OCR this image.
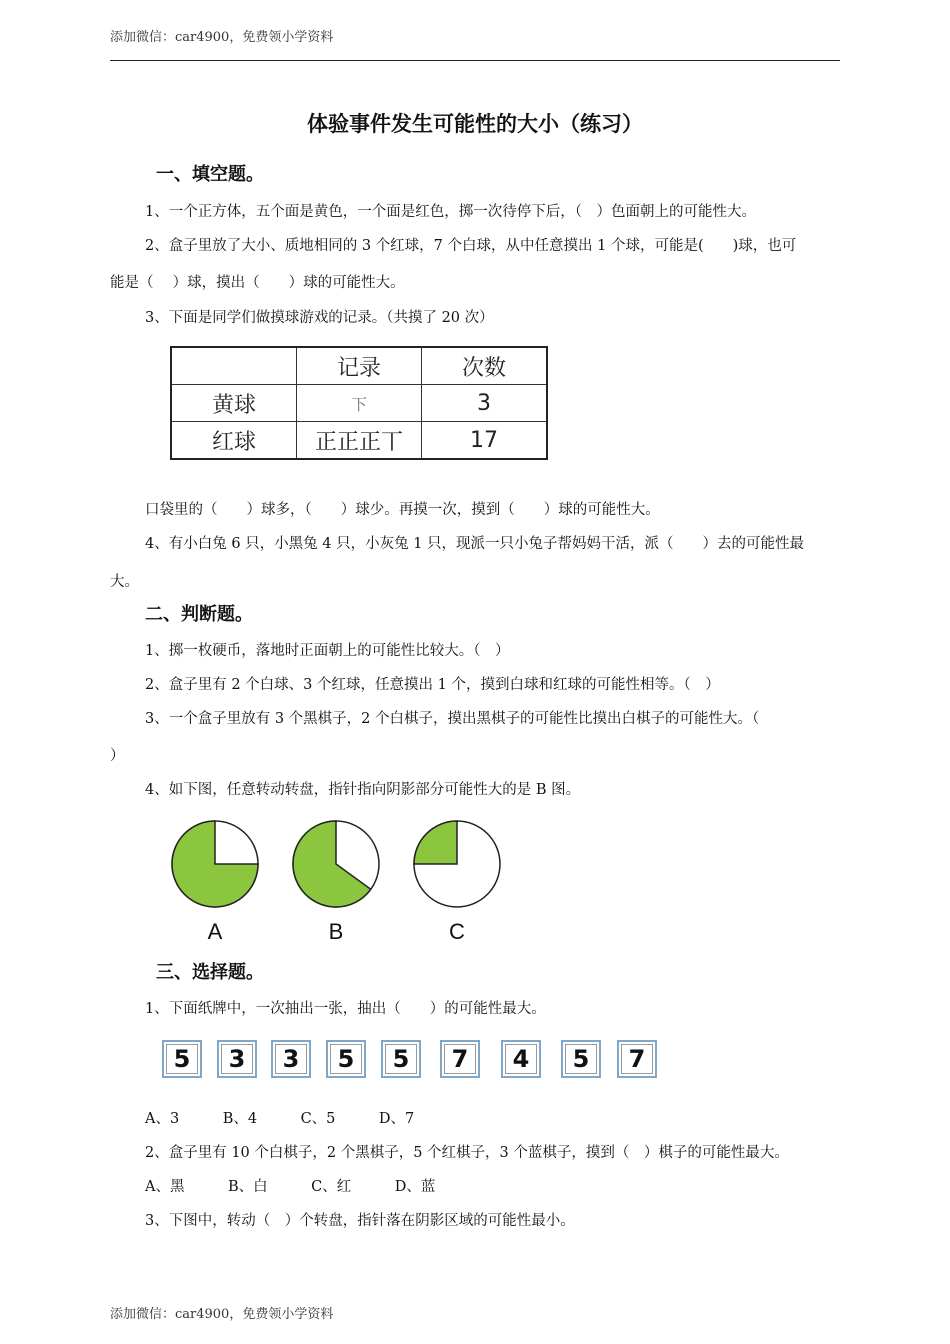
添加微信：car4900，免费领小学资料
体验事件发生可能性的大小（练习）
一、填空题。
1、一个正方体，五个面是黄色，一个面是红色，掷一次待停下后，（　）色面朝上的可能性大。
2、盒子里放了大小、质地相同的 3 个红球，7 个白球，从中任意摸出 1 个球，可能是(　　)球，也可
能是（　 ）球，摸出（　　）球的可能性大。
3、下面是同学们做摸球游戏的记录。（共摸了 20 次）
	记录	次数
黄球	下	3
红球	正正正丅	17
口袋里的（　　）球多，（　　）球少。再摸一次，摸到（　　）球的可能性大。
4、有小白兔 6 只，小黑兔 4 只，小灰兔 1 只，现派一只小兔子帮妈妈干活，派（　　）去的可能性最
大。
二、判断题。
1、掷一枚硬币，落地时正面朝上的可能性比较大。（　）
2、盒子里有 2 个白球、3 个红球，任意摸出 1 个，摸到白球和红球的可能性相等。（　）
3、一个盒子里放有 3 个黑棋子，2 个白棋子，摸出黑棋子的可能性比摸出白棋子的可能性大。（
）
4、如下图，任意转动转盘，指针指向阴影部分可能性大的是 B 图。
A	B	C
三、选择题。
1、下面纸牌中，一次抽出一张，抽出（　　）的可能性最大。
5	3	3	5	5	7	4	5	7
A、3　　　B、4　　　C、5　　　D、7
2、盒子里有 10 个白棋子，2 个黑棋子，5 个红棋子，3 个蓝棋子，摸到（　）棋子的可能性最大。
A、黑　　　B、白　　　C、红　　　D、蓝
3、下图中，转动（　）个转盘，指针落在阴影区域的可能性最小。
添加微信：car4900，免费领小学资料
